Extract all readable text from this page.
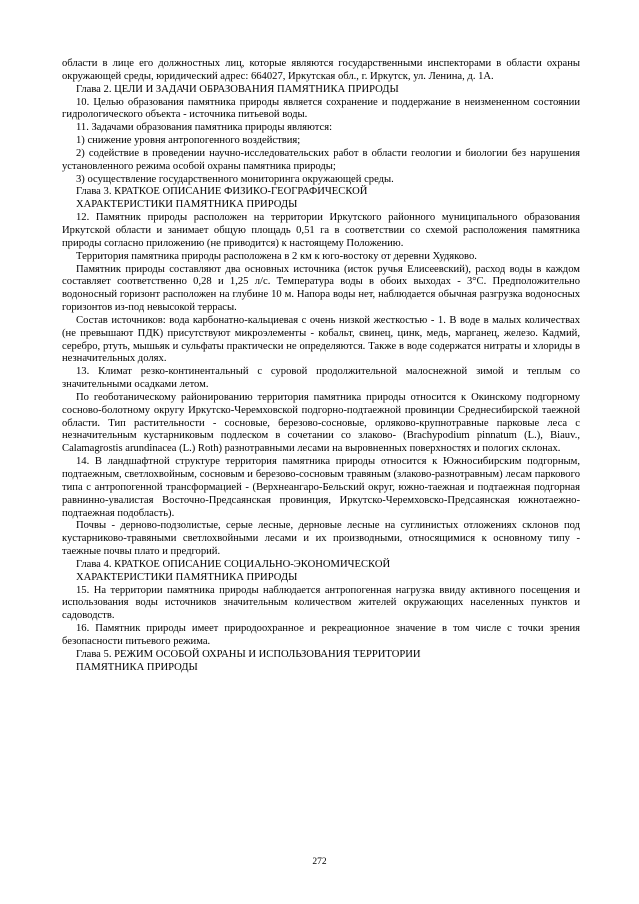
области в лице его должностных лиц, которые являются государственными инспекторами в области охраны окружающей среды, юридический адрес: 664027, Иркутская обл., г. Иркутск, ул. Ленина, д. 1А.

Глава 2. ЦЕЛИ И ЗАДАЧИ ОБРАЗОВАНИЯ ПАМЯТНИКА ПРИРОДЫ

10. Целью образования памятника природы является сохранение и поддержание в неизмененном состоянии гидрологического объекта - источника питьевой воды.

11. Задачами образования памятника природы являются:

1) снижение уровня антропогенного воздействия;

2) содействие в проведении научно-исследовательских работ в области геологии и биологии без нарушения установленного режима особой охраны памятника природы;

3) осуществление государственного мониторинга окружающей среды.

Глава 3. КРАТКОЕ ОПИСАНИЕ ФИЗИКО-ГЕОГРАФИЧЕСКОЙ
ХАРАКТЕРИСТИКИ ПАМЯТНИКА ПРИРОДЫ

12. Памятник природы расположен на территории Иркутского районного муниципального образования Иркутской области и занимает общую площадь 0,51 га в соответствии со схемой расположения памятника природы согласно приложению (не приводится) к настоящему Положению.

Территория памятника природы расположена в 2 км к юго-востоку от деревни Худяково.

Памятник природы составляют два основных источника (исток ручья Елисеевский), расход воды в каждом составляет соответственно 0,28 и 1,25 л/с. Температура воды в обоих выходах - 3°С. Предположительно водоносный горизонт расположен на глубине 10 м. Напора воды нет, наблюдается обычная разгрузка водоносных горизонтов из-под невысокой террасы.

Состав источников: вода карбонатно-кальциевая с очень низкой жесткостью - 1. В воде в малых количествах (не превышают ПДК) присутствуют микроэлементы - кобальт, свинец, цинк, медь, марганец, железо. Кадмий, серебро, ртуть, мышьяк и сульфаты практически не определяются. Также в воде содержатся нитраты и хлориды в незначительных долях.

13. Климат резко-континентальный с суровой продолжительной малоснежной зимой и теплым со значительными осадками летом.

По геоботаническому районированию территория памятника природы относится к Окинскому подгорному сосново-болотному округу Иркутско-Черемховской подгорно-подтаежной провинции Среднесибирской таежной области. Тип растительности - сосновые, березово-сосновые, орляково-крупнотравные парковые леса с незначительным кустарниковым подлеском в сочетании со злаково- (Brachypodium pinnatum (L.), Biauv., Calamagrostis arundinacea (L.) Roth) разнотравными лесами на выровненных поверхностях и пологих склонах.

14. В ландшафтной структуре территория памятника природы относится к Южносибирским подгорным, подтаежным, светлохвойным, сосновым и березово-сосновым травяным (злаково-разнотравным) лесам паркового типа с антропогенной трансформацией - (Верхнеангаро-Бельский округ, южно-таежная и подтаежная подгорная равнинно-увалистая Восточно-Предсаянская провинция, Иркутско-Черемховско-Предсаянская южнотаежно-подтаежная подобласть).

Почвы - дерново-подзолистые, серые лесные, дерновые лесные на суглинистых отложениях склонов под кустарниково-травяными светлохвойными лесами и их производными, относящимися к основному типу - таежные почвы плато и предгорий.

Глава 4. КРАТКОЕ ОПИСАНИЕ СОЦИАЛЬНО-ЭКОНОМИЧЕСКОЙ
ХАРАКТЕРИСТИКИ ПАМЯТНИКА ПРИРОДЫ

15. На территории памятника природы наблюдается антропогенная нагрузка ввиду активного посещения и использования воды источников значительным количеством жителей окружающих населенных пунктов и садоводств.

16. Памятник природы имеет природоохранное и рекреационное значение в том числе с точки зрения безопасности питьевого режима.

Глава 5. РЕЖИМ ОСОБОЙ ОХРАНЫ И ИСПОЛЬЗОВАНИЯ ТЕРРИТОРИИ
ПАМЯТНИКА ПРИРОДЫ
272
